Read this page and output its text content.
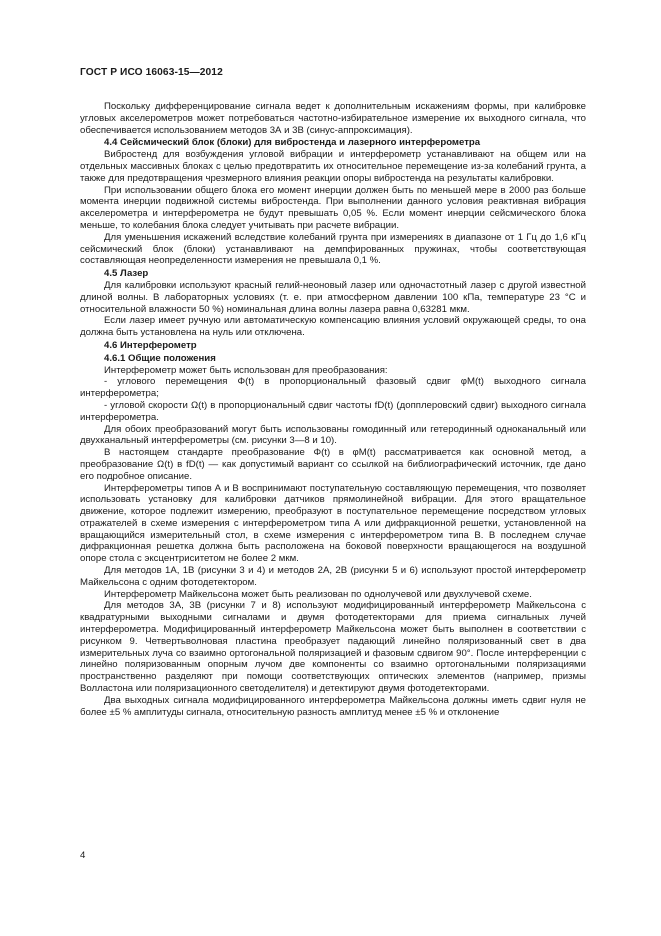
ГОСТ Р ИСО 16063-15—2012

Поскольку дифференцирование сигнала ведет к дополнительным искажениям формы, при калибровке угловых акселерометров может потребоваться частотно-избирательное измерение их выходного сигнала, что обеспечивается использованием методов 3А и 3В (синус-аппроксимация).

4.4 Сейсмический блок (блоки) для вибростенда и лазерного интерферометра

Вибростенд для возбуждения угловой вибрации и интерферометр устанавливают на общем или на отдельных массивных блоках с целью предотвратить их относительное перемещение из-за колебаний грунта, а также для предотвращения чрезмерного влияния реакции опоры вибростенда на результаты калибровки.

При использовании общего блока его момент инерции должен быть по меньшей мере в 2000 раз больше момента инерции подвижной системы вибростенда. При выполнении данного условия реактивная вибрация акселерометра и интерферометра не будут превышать 0,05 %. Если момент инерции сейсмического блока меньше, то колебания блока следует учитывать при расчете вибрации.

Для уменьшения искажений вследствие колебаний грунта при измерениях в диапазоне от 1 Гц до 1,6 кГц сейсмический блок (блоки) устанавливают на демпфированных пружинах, чтобы соответствующая составляющая неопределенности измерения не превышала 0,1 %.

4.5 Лазер

Для калибровки используют красный гелий-неоновый лазер или одночастотный лазер с другой известной длиной волны. В лабораторных условиях (т. е. при атмосферном давлении 100 кПа, температуре 23 °С и относительной влажности 50 %) номинальная длина волны лазера равна 0,63281 мкм.

Если лазер имеет ручную или автоматическую компенсацию влияния условий окружающей среды, то она должна быть установлена на нуль или отключена.

4.6 Интерферометр

4.6.1 Общие положения

Интерферометр может быть использован для преобразования:

- углового перемещения Φ(t) в пропорциональный фазовый сдвиг φM(t) выходного сигнала интерферометра;

- угловой скорости Ω(t) в пропорциональный сдвиг частоты fD(t) (допплеровский сдвиг) выходного сигнала интерферометра.

Для обоих преобразований могут быть использованы гомодинный или гетеродинный одноканальный или двухканальный интерферометры (см. рисунки 3—8 и 10).

В настоящем стандарте преобразование Φ(t) в φM(t) рассматривается как основной метод, а преобразование Ω(t) в fD(t) — как допустимый вариант со ссылкой на библиографический источник, где дано его подробное описание.

Интерферометры типов А и В воспринимают поступательную составляющую перемещения, что позволяет использовать установку для калибровки датчиков прямолинейной вибрации. Для этого вращательное движение, которое подлежит измерению, преобразуют в поступательное перемещение посредством угловых отражателей в схеме измерения с интерферометром типа А или дифракционной решетки, установленной на вращающийся измерительный стол, в схеме измерения с интерферометром типа В. В последнем случае дифракционная решетка должна быть расположена на боковой поверхности вращающегося на воздушной опоре стола с эксцентриситетом не более 2 мкм.

Для методов 1А, 1В (рисунки 3 и 4) и методов 2А, 2В (рисунки 5 и 6) используют простой интерферометр Майкельсона с одним фотодетектором.

Интерферометр Майкельсона может быть реализован по однолучевой или двухлучевой схеме.

Для методов 3А, 3В (рисунки 7 и 8) используют модифицированный интерферометр Майкельсона с квадратурными выходными сигналами и двумя фотодетекторами для приема сигнальных лучей интерферометра. Модифицированный интерферометр Майкельсона может быть выполнен в соответствии с рисунком 9. Четвертьволновая пластина преобразует падающий линейно поляризованный свет в два измерительных луча со взаимно ортогональной поляризацией и фазовым сдвигом 90°. После интерференции с линейно поляризованным опорным лучом две компоненты со взаимно ортогональными поляризациями пространственно разделяют при помощи соответствующих оптических элементов (например, призмы Волластона или поляризационного светоделителя) и детектируют двумя фотодетекторами.

Два выходных сигнала модифицированного интерферометра Майкельсона должны иметь сдвиг нуля не более ±5 % амплитуды сигнала, относительную разность амплитуд менее ±5 % и отклонение

4
